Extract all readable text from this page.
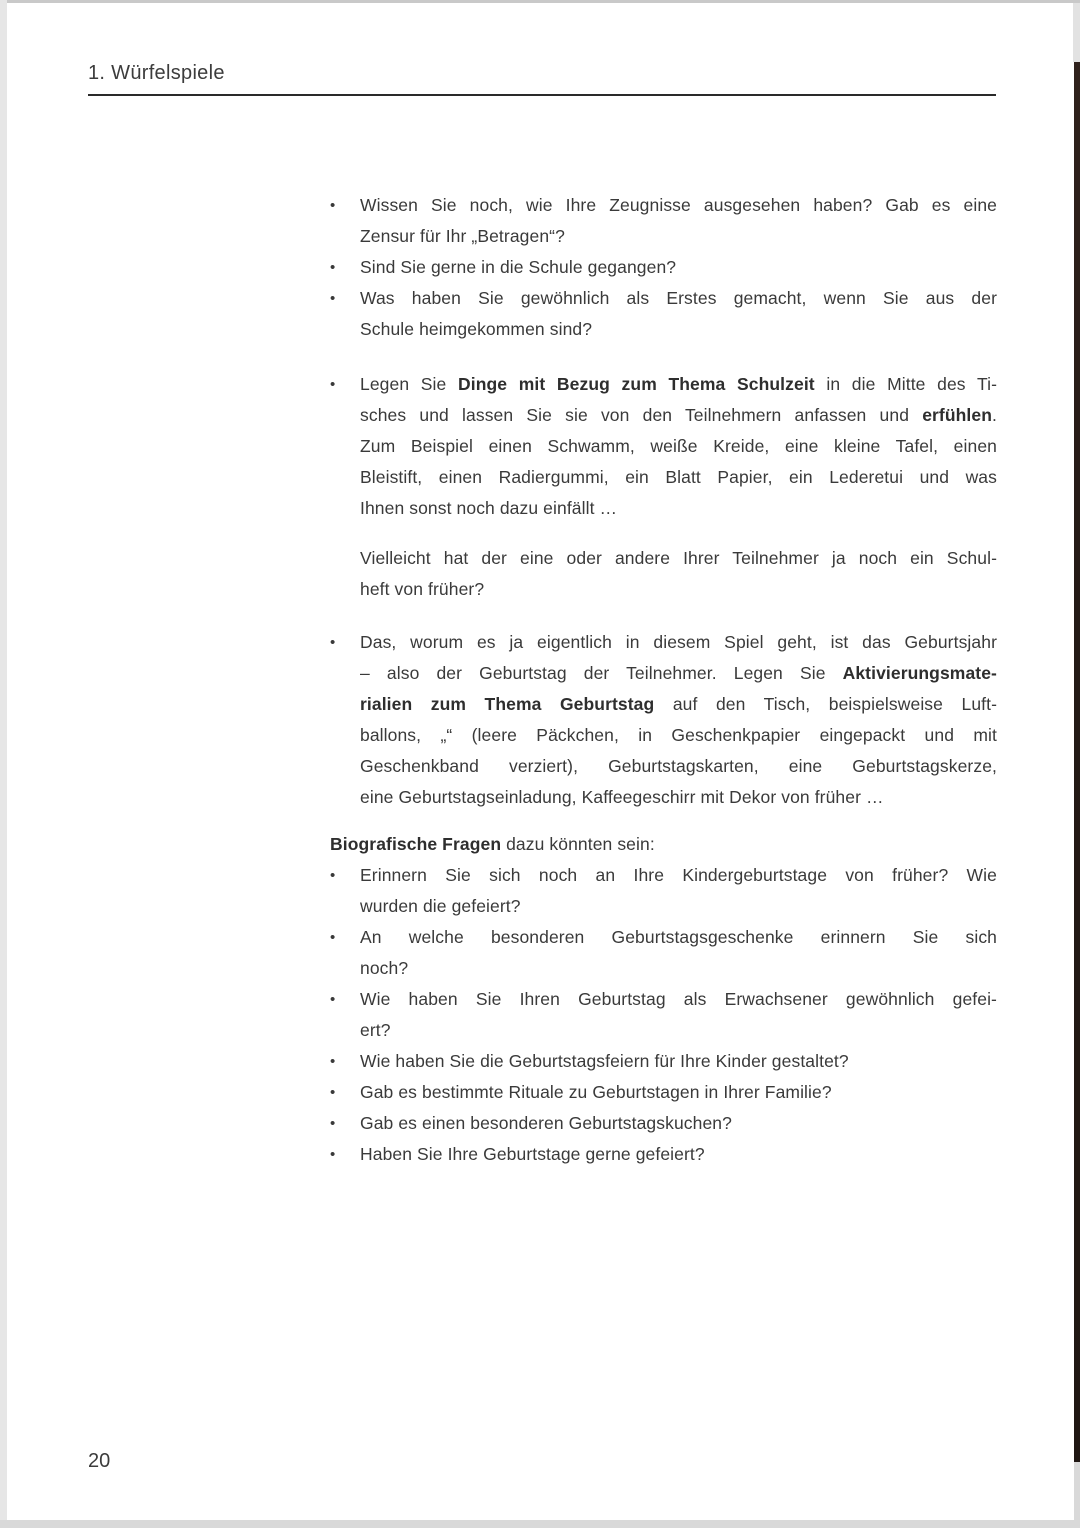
1. Würfelspiele
•	Wissen Sie noch, wie Ihre Zeugnisse ausgesehen haben? Gab es eine
Zensur für Ihr „Betragen“?
•	Sind Sie gerne in die Schule gegangen?
•	Was haben Sie gewöhnlich als Erstes gemacht, wenn Sie aus der
Schule heimgekommen sind?
•	Legen Sie Dinge mit Bezug zum Thema Schulzeit in die Mitte des Ti-
sches und lassen Sie sie von den Teilnehmern anfassen und erfühlen.
Zum Beispiel einen Schwamm, weiße Kreide, eine kleine Tafel, einen
Bleistift, einen Radiergummi, ein Blatt Papier, ein Lederetui und was
Ihnen sonst noch dazu einfällt …
Vielleicht hat der eine oder andere Ihrer Teilnehmer ja noch ein Schul-
heft von früher?
•	Das, worum es ja eigentlich in diesem Spiel geht, ist das Geburtsjahr
– also der Geburtstag der Teilnehmer. Legen Sie Aktivierungsmate-
rialien zum Thema Geburtstag auf den Tisch, beispielsweise Luft-
ballons, „“ (leere Päckchen, in Geschenkpapier eingepackt und mit
Geschenkband verziert), Geburtstagskarten, eine Geburtstagskerze,
eine Geburtstagseinladung, Kaffeegeschirr mit Dekor von früher …
Biografische Fragen dazu könnten sein:
•	Erinnern Sie sich noch an Ihre Kindergeburtstage von früher? Wie
wurden die gefeiert?
•	An welche besonderen Geburtstagsgeschenke erinnern Sie sich
noch?
•	Wie haben Sie Ihren Geburtstag als Erwachsener gewöhnlich gefei-
ert?
•	Wie haben Sie die Geburtstagsfeiern für Ihre Kinder gestaltet?
•	Gab es bestimmte Rituale zu Geburtstagen in Ihrer Familie?
•	Gab es einen besonderen Geburtstagskuchen?
•	Haben Sie Ihre Geburtstage gerne gefeiert?
20
